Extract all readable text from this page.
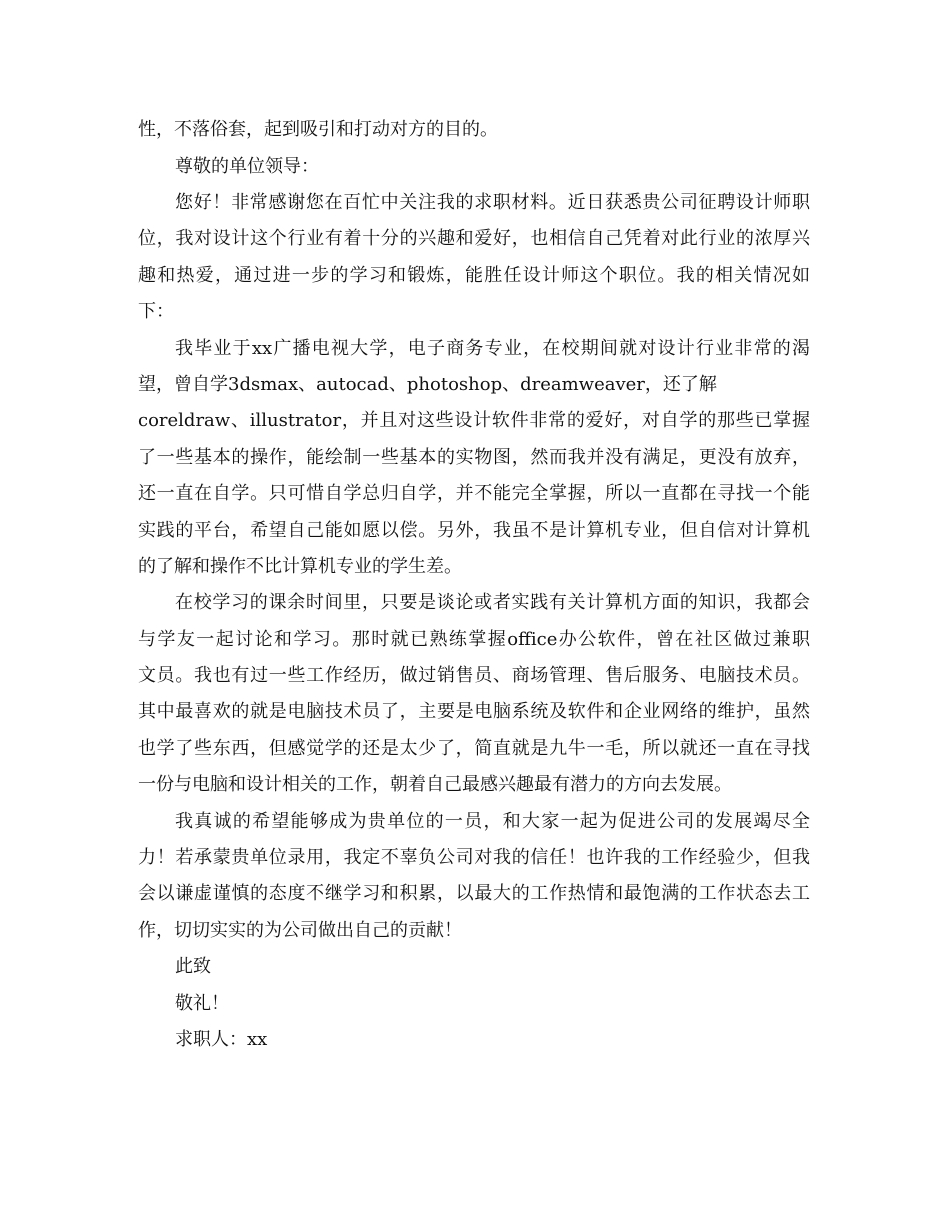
性，不落俗套，起到吸引和打动对方的目的。
尊敬的单位领导：
您好！非常感谢您在百忙中关注我的求职材料。近日获悉贵公司征聘设计师职
位，我对设计这个行业有着十分的兴趣和爱好，也相信自己凭着对此行业的浓厚兴
趣和热爱，通过进一步的学习和锻炼，能胜任设计师这个职位。我的相关情况如
下：
我毕业于xx广播电视大学，电子商务专业，在校期间就对设计行业非常的渴
望，曾自学3dsmax、autocad、photoshop、dreamweaver，还了解
coreldraw、illustrator，并且对这些设计软件非常的爱好，对自学的那些已掌握
了一些基本的操作，能绘制一些基本的实物图，然而我并没有满足，更没有放弃，
还一直在自学。只可惜自学总归自学，并不能完全掌握，所以一直都在寻找一个能
实践的平台，希望自己能如愿以偿。另外，我虽不是计算机专业，但自信对计算机
的了解和操作不比计算机专业的学生差。
在校学习的课余时间里，只要是谈论或者实践有关计算机方面的知识，我都会
与学友一起讨论和学习。那时就已熟练掌握office办公软件，曾在社区做过兼职
文员。我也有过一些工作经历，做过销售员、商场管理、售后服务、电脑技术员。
其中最喜欢的就是电脑技术员了，主要是电脑系统及软件和企业网络的维护，虽然
也学了些东西，但感觉学的还是太少了，简直就是九牛一毛，所以就还一直在寻找
一份与电脑和设计相关的工作，朝着自己最感兴趣最有潜力的方向去发展。
我真诚的希望能够成为贵单位的一员，和大家一起为促进公司的发展竭尽全
力！若承蒙贵单位录用，我定不辜负公司对我的信任！也许我的工作经验少，但我
会以谦虚谨慎的态度不继学习和积累，以最大的工作热情和最饱满的工作状态去工
作，切切实实的为公司做出自己的贡献！
此致
敬礼！
求职人：xx
